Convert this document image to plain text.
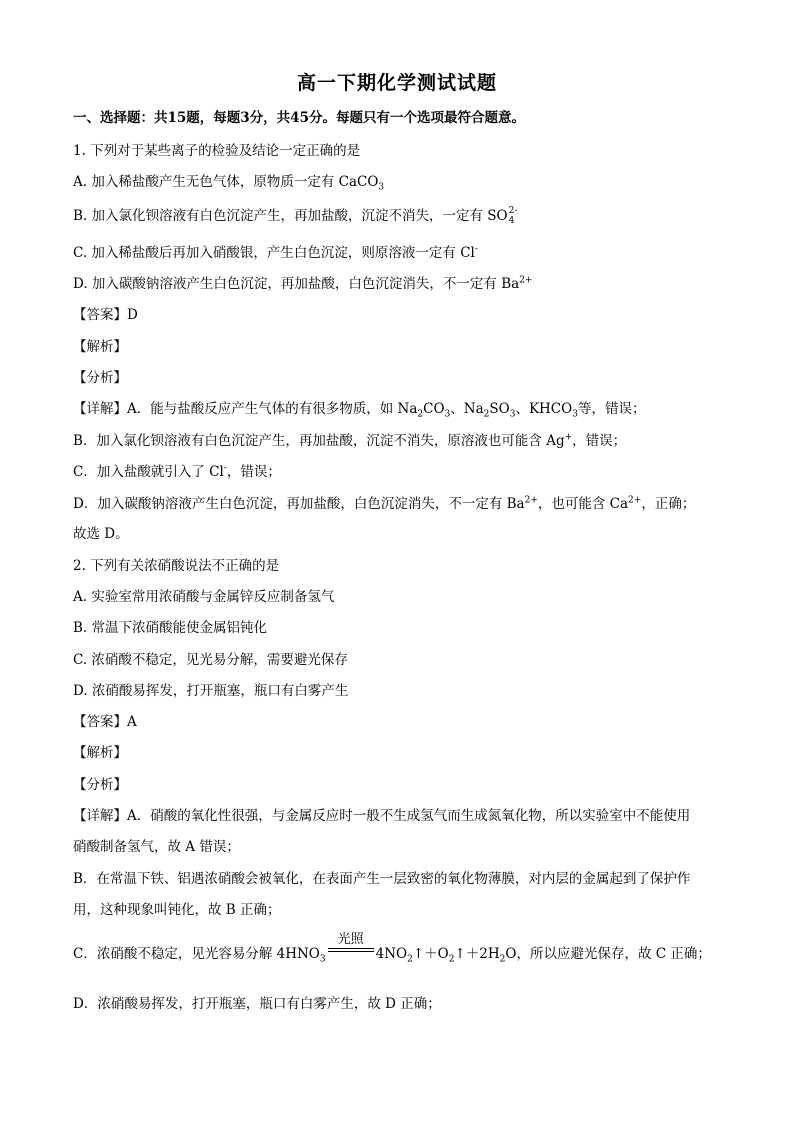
高一下期化学测试试题
一、选择题：共15题，每题3分，共45分。每题只有一个选项最符合题意。
1. 下列对于某些离子的检验及结论一定正确的是
A. 加入稀盐酸产生无色气体，原物质一定有 CaCO$_3$
B. 加入氯化钡溶液有白色沉淀产生，再加盐酸，沉淀不消失，一定有 SO 2-
4
C. 加入稀盐酸后再加入硝酸银，产生白色沉淀，则原溶液一定有 Cl-
D. 加入碳酸钠溶液产生白色沉淀，再加盐酸，白色沉淀消失，不一定有 $Ba^{2+}$
【答案】D
【解析】
【分析】
【详解】A．能与盐酸反应产生气体的有很多物质，如 $Na_2CO_3$、$Na_2SO_3$、$KHCO_3$等，错误；
B．加入氯化钡溶液有白色沉淀产生，再加盐酸，沉淀不消失，原溶液也可能含 Ag+，错误；
C．加入盐酸就引入了 Cl-，错误；
D．加入碳酸钠溶液产生白色沉淀，再加盐酸，白色沉淀消失，不一定有 $Ba^{2+}$，也可能含 $Ca^{2+}$，正确；
故选 D。
2. 下列有关浓硝酸说法不正确的是
A. 实验室常用浓硝酸与金属锌反应制备氢气
B. 常温下浓硝酸能使金属铝钝化
C. 浓硝酸不稳定，见光易分解，需要避光保存
D. 浓硝酸易挥发，打开瓶塞，瓶口有白雾产生
【答案】A
【解析】
【分析】
【详解】A．硝酸的氧化性很强，与金属反应时一般不生成氢气而生成氮氧化物，所以实验室中不能使用
硝酸制备氢气，故 A 错误；
B．在常温下铁、铝遇浓硝酸会被氧化，在表面产生一层致密的氧化物薄膜，对内层的金属起到了保护作
用，这种现象叫钝化，故 B 正确；
C．浓硝酸不稳定，见光容易分解 $4HNO_3$
光照
$4NO_2↑+O_2↑+2H_2O$，所以应避光保存，故 C 正确；
D．浓硝酸易挥发，打开瓶塞，瓶口有白雾产生，故 D 正确；
